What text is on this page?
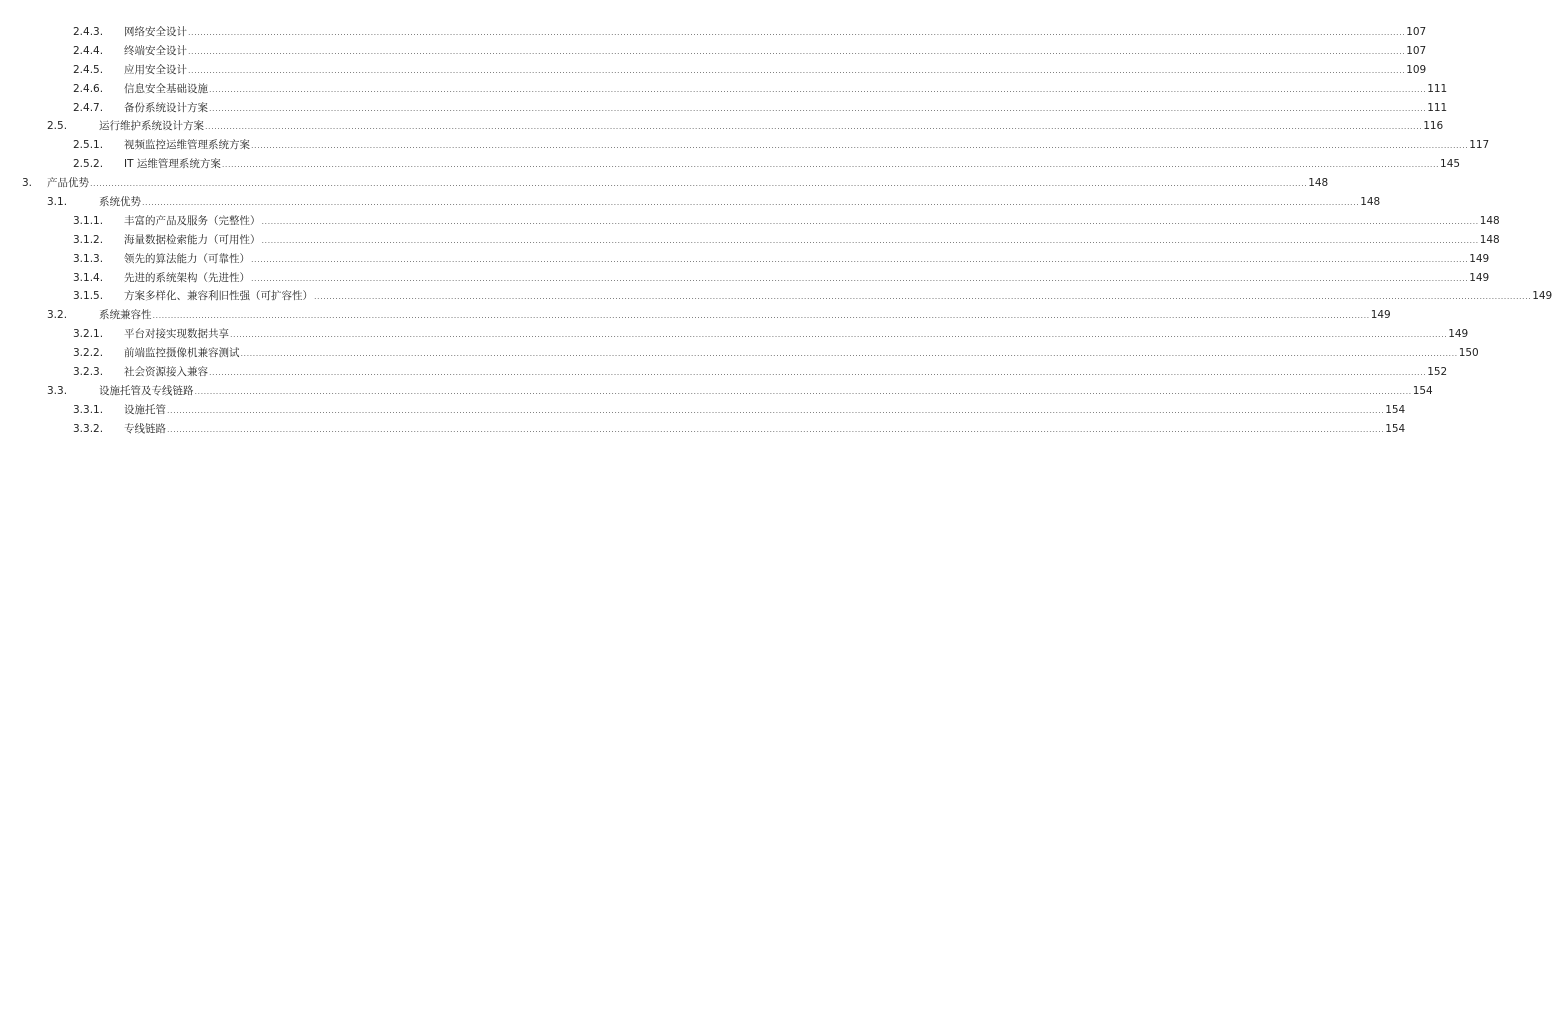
2.4.3. 网络安全设计 ................................................................................................................................................................................................................................................................................................................................................................................................................ 107
2.4.4. 终端安全设计 ................................................................................................................................................................................................................................................................................................................................................................................................................ 107
2.4.5. 应用安全设计 ................................................................................................................................................................................................................................................................................................................................................................................................................ 109
2.4.6. 信息安全基础设施 ................................................................................................................................................................................................................................................................................................................................................................................................................ 111
2.4.7. 备份系统设计方案 ................................................................................................................................................................................................................................................................................................................................................................................................................ 111
2.5.	运行维护系统设计方案 ................................................................................................................................................................................................................................................................................................................................................................................................................ 116
2.5.1. 视频监控运维管理系统方案 ................................................................................................................................................................................................................................................................................................................................................................................................................ 117
2.5.2. IT 运维管理系统方案 ................................................................................................................................................................................................................................................................................................................................................................................................................ 145
3. 产品优势 ................................................................................................................................................................................................................................................................................................................................................................................................................ 148
3.1.	系统优势 ................................................................................................................................................................................................................................................................................................................................................................................................................ 148
3.1.1. 丰富的产品及服务（完整性） ................................................................................................................................................................................................................................................................................................................................................................................................................ 148
3.1.2. 海量数据检索能力（可用性） ................................................................................................................................................................................................................................................................................................................................................................................................................ 148
3.1.3. 领先的算法能力（可靠性） ................................................................................................................................................................................................................................................................................................................................................................................................................ 149
3.1.4. 先进的系统架构（先进性） ................................................................................................................................................................................................................................................................................................................................................................................................................ 149
3.1.5. 方案多样化、兼容利旧性强（可扩容性） ................................................................................................................................................................................................................................................................................................................................................................................................................ 149
3.2.	系统兼容性 ................................................................................................................................................................................................................................................................................................................................................................................................................ 149
3.2.1. 平台对接实现数据共享 ................................................................................................................................................................................................................................................................................................................................................................................................................ 149
3.2.2. 前端监控摄像机兼容测试 ................................................................................................................................................................................................................................................................................................................................................................................................................ 150
3.2.3. 社会资源接入兼容 ................................................................................................................................................................................................................................................................................................................................................................................................................ 152
3.3.	设施托管及专线链路 ................................................................................................................................................................................................................................................................................................................................................................................................................ 154
3.3.1. 设施托管 ................................................................................................................................................................................................................................................................................................................................................................................................................ 154
3.3.2. 专线链路 ................................................................................................................................................................................................................................................................................................................................................................................................................ 154
